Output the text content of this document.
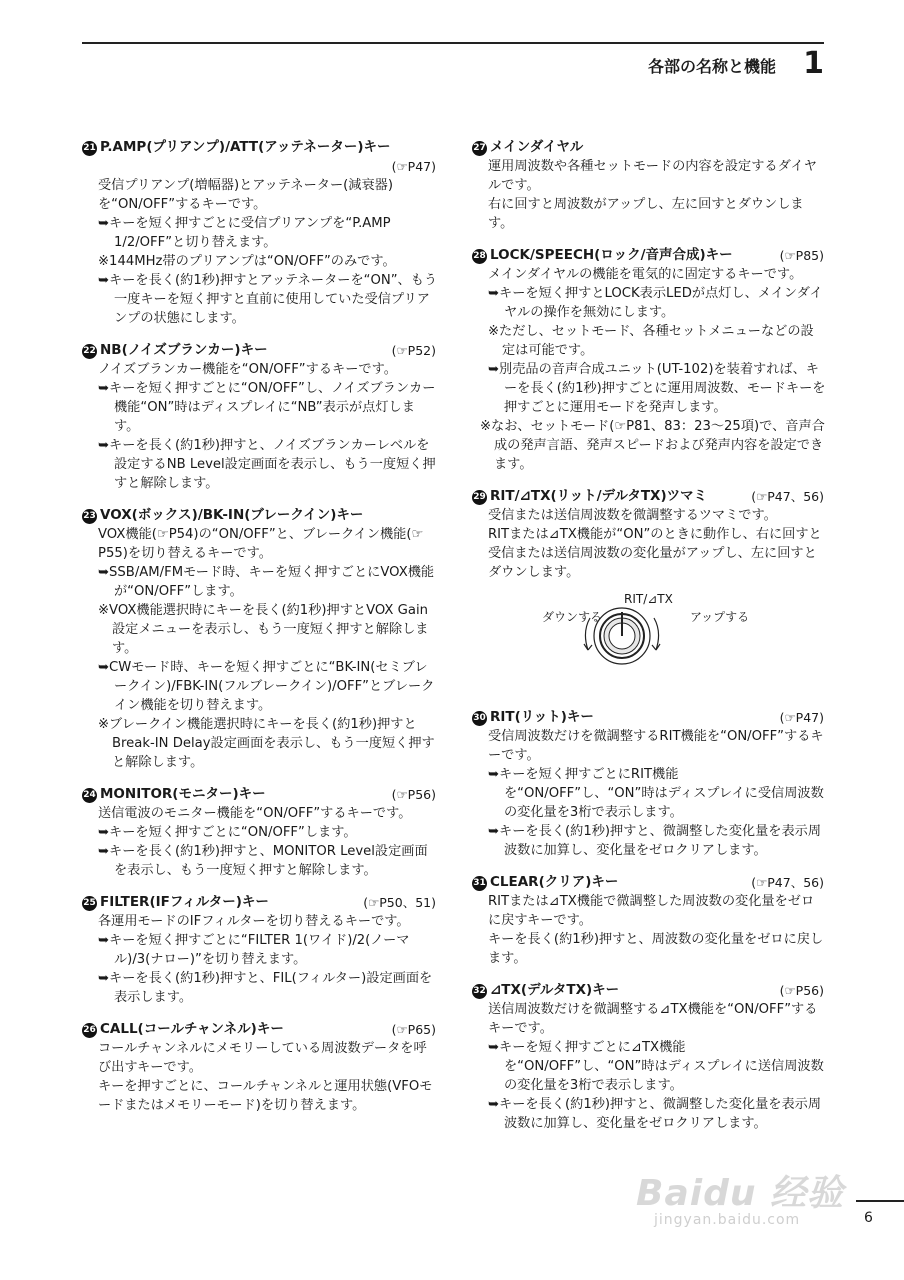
各部の名称と機能 1
21 P.AMP(プリアンプ)/ATT(アッテネーター)キー
(☞P47)
受信プリアンプ(増幅器)とアッテネーター(減衰器)を“ON/OFF”するキーです。
➥キーを短く押すごとに受信プリアンプを“P.AMP 1/2/OFF”と切り替えます。
※144MHz帯のプリアンプは“ON/OFF”のみです。
➥キーを長く(約1秒)押すとアッテネーターを“ON”、もう一度キーを短く押すと直前に使用していた受信プリアンプの状態にします。
22 NB(ノイズブランカー)キー	(☞P52)
ノイズブランカー機能を“ON/OFF”するキーです。
➥キーを短く押すごとに“ON/OFF”し、ノイズブランカー機能“ON”時はディスプレイに“NB”表示が点灯します。
➥キーを長く(約1秒)押すと、ノイズブランカーレベルを設定するNB Level設定画面を表示し、もう一度短く押すと解除します。
23 VOX(ボックス)/BK-IN(ブレークイン)キー
VOX機能(☞P54)の“ON/OFF”と、ブレークイン機能(☞P55)を切り替えるキーです。
➥SSB/AM/FMモード時、キーを短く押すごとにVOX機能が“ON/OFF”します。
※VOX機能選択時にキーを長く(約1秒)押すとVOX Gain設定メニューを表示し、もう一度短く押すと解除します。
➥CWモード時、キーを短く押すごとに“BK-IN(セミブレークイン)/FBK-IN(フルブレークイン)/OFF”とブレークイン機能を切り替えます。
※ブレークイン機能選択時にキーを長く(約1秒)押すとBreak-IN Delay設定画面を表示し、もう一度短く押すと解除します。
24 MONITOR(モニター)キー	(☞P56)
送信電波のモニター機能を“ON/OFF”するキーです。
➥キーを短く押すごとに“ON/OFF”します。
➥キーを長く(約1秒)押すと、MONITOR Level設定画面を表示し、もう一度短く押すと解除します。
25 FILTER(IFフィルター)キー	(☞P50、51)
各運用モードのIFフィルターを切り替えるキーです。
➥キーを短く押すごとに“FILTER 1(ワイド)/2(ノーマル)/3(ナロー)”を切り替えます。
➥キーを長く(約1秒)押すと、FIL(フィルター)設定画面を表示します。
26 CALL(コールチャンネル)キー	(☞P65)
コールチャンネルにメモリーしている周波数データを呼び出すキーです。
キーを押すごとに、コールチャンネルと運用状態(VFOモードまたはメモリーモード)を切り替えます。
27 メインダイヤル
運用周波数や各種セットモードの内容を設定するダイヤルです。
右に回すと周波数がアップし、左に回すとダウンします。
28 LOCK/SPEECH(ロック/音声合成)キー	(☞P85)
メインダイヤルの機能を電気的に固定するキーです。
➥キーを短く押すとLOCK表示LEDが点灯し、メインダイヤルの操作を無効にします。
※ただし、セットモード、各種セットメニューなどの設定は可能です。
➥別売品の音声合成ユニット(UT-102)を装着すれば、キーを長く(約1秒)押すごとに運用周波数、モードキーを押すごとに運用モードを発声します。
※なお、セットモード(☞P81、83：23〜25項)で、音声合成の発声言語、発声スピードおよび発声内容を設定できます。
29 RIT/⊿TX(リット/デルタTX)ツマミ	(☞P47、56)
受信または送信周波数を微調整するツマミです。
RITまたは⊿TX機能が“ON”のときに動作し、右に回すと受信または送信周波数の変化量がアップし、左に回すとダウンします。
ダウンする
RIT/⊿TX
アップする
30 RIT(リット)キー	(☞P47)
受信周波数だけを微調整するRIT機能を“ON/OFF”するキーです。
➥キーを短く押すごとにRIT機能を“ON/OFF”し、“ON”時はディスプレイに受信周波数の変化量を3桁で表示します。
➥キーを長く(約1秒)押すと、微調整した変化量を表示周波数に加算し、変化量をゼロクリアします。
31 CLEAR(クリア)キー	(☞P47、56)
RITまたは⊿TX機能で微調整した周波数の変化量をゼロに戻すキーです。
キーを長く(約1秒)押すと、周波数の変化量をゼロに戻します。
32 ⊿TX(デルタTX)キー	(☞P56)
送信周波数だけを微調整する⊿TX機能を“ON/OFF”するキーです。
➥キーを短く押すごとに⊿TX機能を“ON/OFF”し、“ON”時はディスプレイに送信周波数の変化量を3桁で表示します。
➥キーを長く(約1秒)押すと、微調整した変化量を表示周波数に加算し、変化量をゼロクリアします。
6
Baidu 经验
jingyan.baidu.com
